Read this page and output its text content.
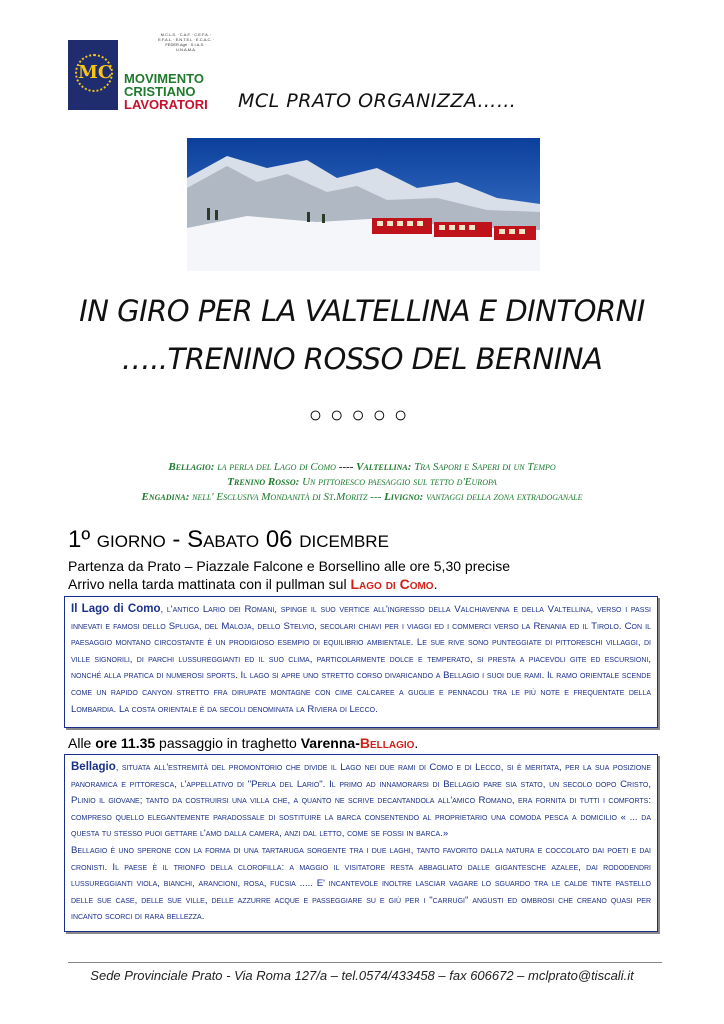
M.C.L.S. · C.A.F. · C.E.F.A. · E.F.A.L. · E.N.T.E.L · E.C.A.C. · FEDER.Agri · S.I.A.S. · U.N.A.M.A.
MC MOVIMENTO
CRISTIANO
LAVORATORI MCL PRATO ORGANIZZA……
IN GIRO PER LA VALTELLINA E DINTORNI
…..TRENINO ROSSO DEL BERNINA
○○○○○
Bellagio: la perla del Lago di Como ---- Valtellina: Tra Sapori e Saperi di un Tempo
Trenino Rosso: Un pittoresco paesaggio sul tetto d'Europa
Engadina: nell' Esclusiva Mondanità di St.Moritz --- Livigno: vantaggi della zona extradoganale
1º giorno - Sabato 06 dicembre
Partenza da Prato – Piazzale Falcone e Borsellino alle ore 5,30 precise
Arrivo nella tarda mattinata con il pullman sul Lago di Como.
Il Lago di Como, l'antico Lario dei Romani, spinge il suo vertice all'ingresso della Valchiavenna e della Valtellina, verso i passi innevati e famosi dello Spluga, del Maloja, dello Stelvio, secolari chiavi per i viaggi ed i commerci verso la Renania ed il Tirolo. Con il paesaggio montano circostante è un prodigioso esempio di equilibrio ambientale. Le sue rive sono punteggiate di pittoreschi villaggi, di ville signorili, di parchi lussureggianti ed il suo clima, particolarmente dolce e temperato, si presta a piacevoli gite ed escursioni, nonché alla pratica di numerosi sports. Il lago si apre uno stretto corso divaricando a Bellagio i suoi due rami. Il ramo orientale scende come un rapido canyon stretto fra dirupate montagne con cime calcaree a guglie e pennacoli tra le più note e frequentate della Lombardia. La costa orientale è da secoli denominata la Riviera di Lecco.
Alle ore 11.35 passaggio in traghetto Varenna-Bellagio.
Bellagio, situata all'estremità del promontorio che divide il Lago nei due rami di Como e di Lecco, si è meritata, per la sua posizione panoramica e pittoresca, l'appellativo di "Perla del Lario". Il primo ad innamorarsi di Bellagio pare sia stato, un secolo dopo Cristo, Plinio il giovane; tanto da costruirsi una villa che, a quanto ne scrive decantandola all'amico Romano, era fornita di tutti i comforts: compreso quello elegantemente paradossale di sostituire la barca consentendo al proprietario una comoda pesca a domicilio « ... da questa tu stesso puoi gettare l'amo dalla camera, anzi dal letto, come se fossi in barca.»
Bellagio è uno sperone con la forma di una tartaruga sorgente tra i due laghi, tanto favorito dalla natura e coccolato dai poeti e dai cronisti. Il paese è il trionfo della clorofilla: a maggio il visitatore resta abbagliato dalle gigantesche azalee, dai rododendri lussureggianti viola, bianchi, arancioni, rosa, fucsia ..... E' incantevole inoltre lasciar vagare lo sguardo tra le calde tinte pastello delle sue case, delle sue ville, delle azzurre acque e passeggiare su e giù per i "carrugi" angusti ed ombrosi che creano quasi per incanto scorci di rara bellezza.
Sede Provinciale Prato - Via Roma 127/a – tel.0574/433458 – fax 606672 – mclprato@tiscali.it
